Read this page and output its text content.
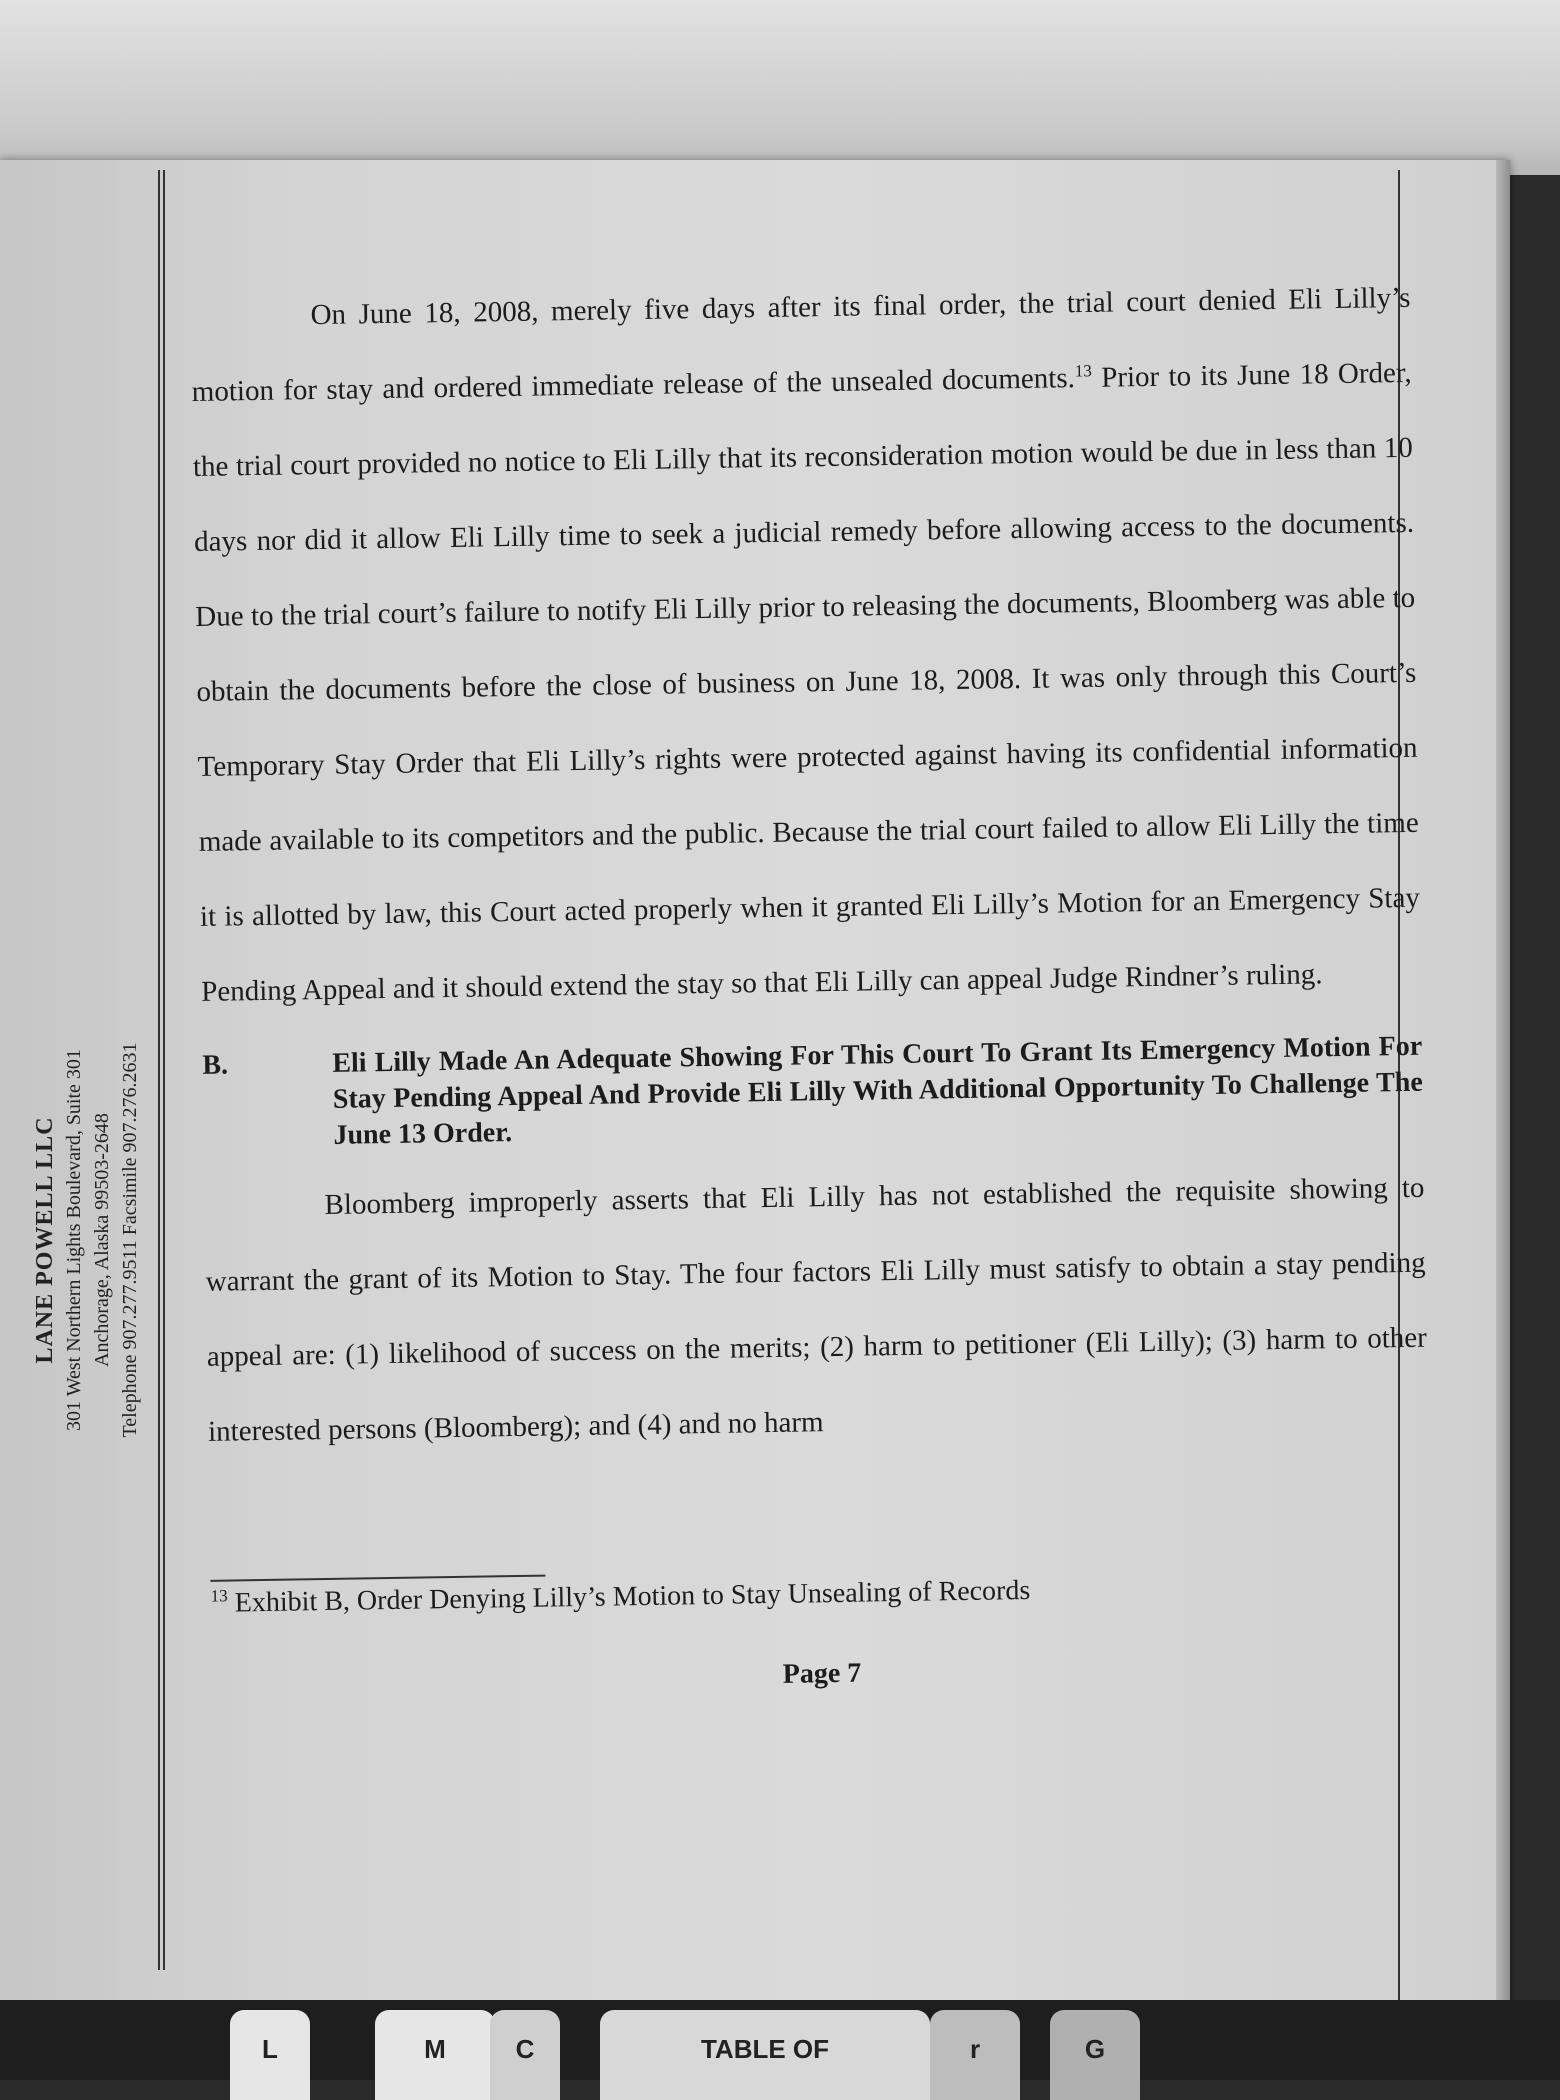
LANE POWELL LLC 301 West Northern Lights Boulevard, Suite 301 Anchorage, Alaska 99503-2648 Telephone 907.277.9511 Facsimile 907.276.2631

On June 18, 2008, merely five days after its final order, the trial court denied Eli Lilly’s motion for stay and ordered immediate release of the unsealed documents.$^{13}$ Prior to its June 18 Order, the trial court provided no notice to Eli Lilly that its reconsideration motion would be due in less than 10 days nor did it allow Eli Lilly time to seek a judicial remedy before allowing access to the documents. Due to the trial court’s failure to notify Eli Lilly prior to releasing the documents, Bloomberg was able to obtain the documents before the close of business on June 18, 2008. It was only through this Court’s Temporary Stay Order that Eli Lilly’s rights were protected against having its confidential information made available to its competitors and the public. Because the trial court failed to allow Eli Lilly the time it is allotted by law, this Court acted properly when it granted Eli Lilly’s Motion for an Emergency Stay Pending Appeal and it should extend the stay so that Eli Lilly can appeal Judge Rindner’s ruling.

B.	Eli Lilly Made An Adequate Showing For This Court To Grant Its Emergency Motion For Stay Pending Appeal And Provide Eli Lilly With Additional Opportunity To Challenge The June 13 Order.

Bloomberg improperly asserts that Eli Lilly has not established the requisite showing to warrant the grant of its Motion to Stay. The four factors Eli Lilly must satisfy to obtain a stay pending appeal are: (1) likelihood of success on the merits; (2) harm to petitioner (Eli Lilly); (3) harm to other interested persons (Bloomberg); and (4) and no harm

$^{13}$ Exhibit B, Order Denying Lilly’s Motion to Stay Unsealing of Records
Page 7
L	M	C	TABLE OF	r	G
